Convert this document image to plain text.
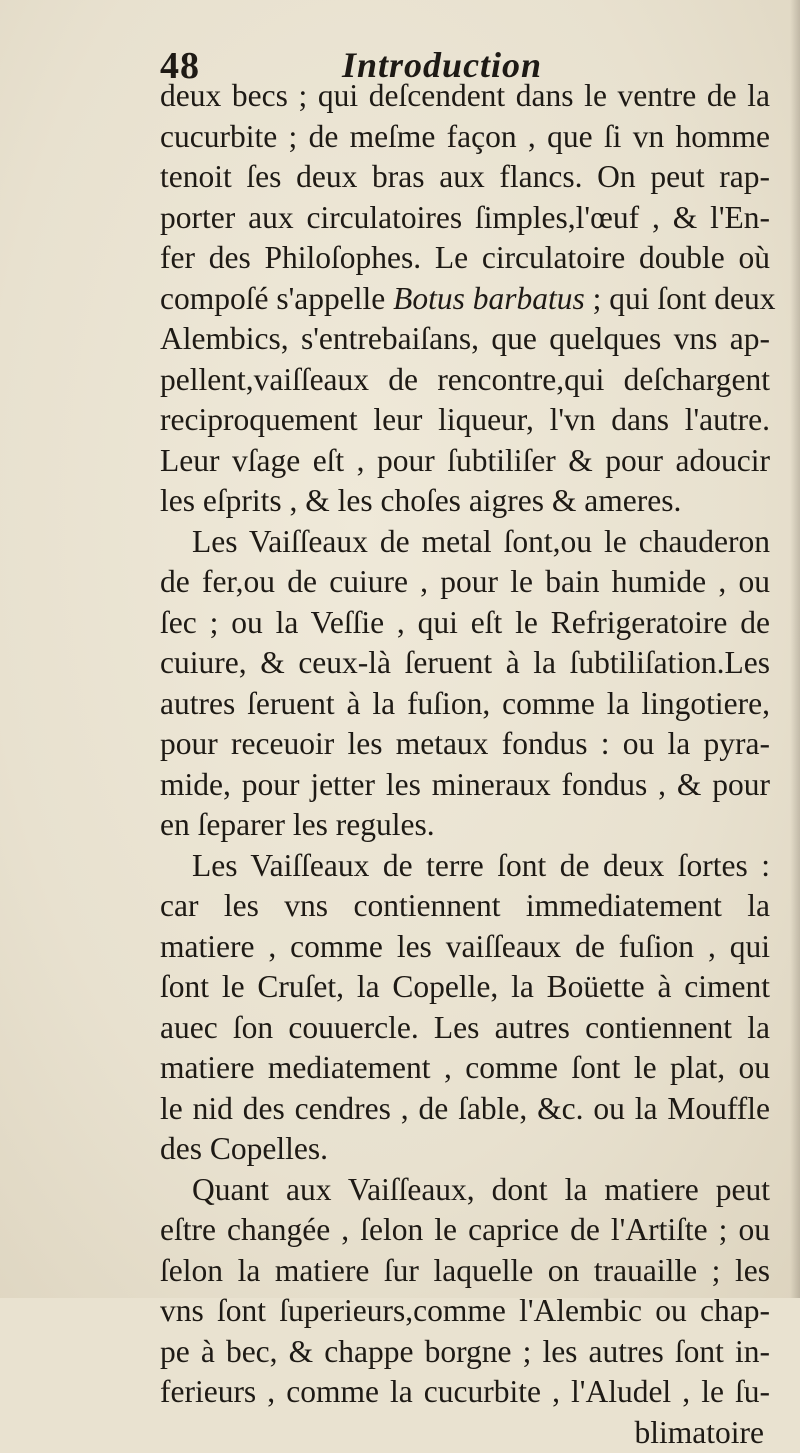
48	Introduction
deux becs ; qui deſcendent dans le ventre de la
cucurbite ; de meſme façon , que ſi vn homme
tenoit ſes deux bras aux flancs. On peut rap-
porter aux circulatoires ſimples,l'œuf , & l'En-
fer des Philoſophes. Le circulatoire double où
compoſé s'appelle Botus barbatus ; qui ſont deux
Alembics, s'entrebaiſans, que quelques vns ap-
pellent,vaiſſeaux de rencontre,qui deſchargent
reciproquement leur liqueur, l'vn dans l'autre.
Leur vſage eſt , pour ſubtiliſer & pour adoucir
les eſprits , & les choſes aigres & ameres.
Les Vaiſſeaux de metal ſont,ou le chauderon
de fer,ou de cuiure , pour le bain humide , ou
ſec ; ou la Veſſie , qui eſt le Refrigeratoire de
cuiure, & ceux-là ſeruent à la ſubtiliſation.Les
autres ſeruent à la fuſion, comme la lingotiere,
pour receuoir les metaux fondus : ou la pyra-
mide, pour jetter les mineraux fondus , & pour
en ſeparer les regules.
Les Vaiſſeaux de terre ſont de deux ſortes :
car les vns contiennent immediatement la
matiere , comme les vaiſſeaux de fuſion , qui
ſont le Cruſet, la Copelle, la Boüette à ciment
auec ſon couuercle. Les autres contiennent la
matiere mediatement , comme ſont le plat, ou
le nid des cendres , de ſable, &c. ou la Mouffle
des Copelles.
Quant aux Vaiſſeaux, dont la matiere peut
eſtre changée , ſelon le caprice de l'Artiſte ; ou
ſelon la matiere ſur laquelle on trauaille ; les
vns ſont ſuperieurs,comme l'Alembic ou chap-
pe à bec, & chappe borgne ; les autres ſont in-
ferieurs , comme la cucurbite , l'Aludel , le ſu-
blimatoire
